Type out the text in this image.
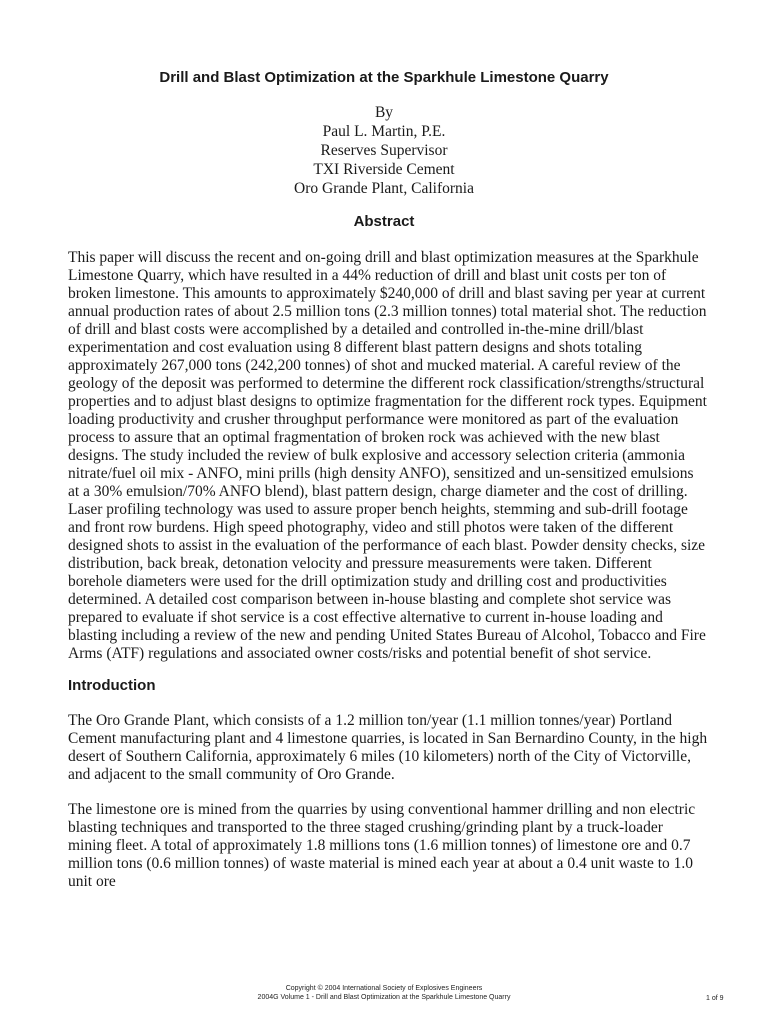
Drill and Blast Optimization at the Sparkhule Limestone Quarry
By
Paul L. Martin, P.E.
Reserves Supervisor
TXI Riverside Cement
Oro Grande Plant, California
Abstract

This paper will discuss the recent and on-going drill and blast optimization measures at the Sparkhule Limestone Quarry, which have resulted in a 44% reduction of drill and blast unit costs per ton of broken limestone. This amounts to approximately $240,000 of drill and blast saving per year at current annual production rates of about 2.5 million tons (2.3 million tonnes) total material shot. The reduction of drill and blast costs were accomplished by a detailed and controlled in-the-mine drill/blast experimentation and cost evaluation using 8 different blast pattern designs and shots totaling approximately 267,000 tons (242,200 tonnes) of shot and mucked material. A careful review of the geology of the deposit was performed to determine the different rock classification/strengths/structural properties and to adjust blast designs to optimize fragmentation for the different rock types. Equipment loading productivity and crusher throughput performance were monitored as part of the evaluation process to assure that an optimal fragmentation of broken rock was achieved with the new blast designs. The study included the review of bulk explosive and accessory selection criteria (ammonia nitrate/fuel oil mix - ANFO, mini prills (high density ANFO), sensitized and un-sensitized emulsions at a 30% emulsion/70% ANFO blend), blast pattern design, charge diameter and the cost of drilling. Laser profiling technology was used to assure proper bench heights, stemming and sub-drill footage and front row burdens. High speed photography, video and still photos were taken of the different designed shots to assist in the evaluation of the performance of each blast. Powder density checks, size distribution, back break, detonation velocity and pressure measurements were taken. Different borehole diameters were used for the drill optimization study and drilling cost and productivities determined. A detailed cost comparison between in-house blasting and complete shot service was prepared to evaluate if shot service is a cost effective alternative to current in-house loading and blasting including a review of the new and pending United States Bureau of Alcohol, Tobacco and Fire Arms (ATF) regulations and associated owner costs/risks and potential benefit of shot service.

Introduction

The Oro Grande Plant, which consists of a 1.2 million ton/year (1.1 million tonnes/year) Portland Cement manufacturing plant and 4 limestone quarries, is located in San Bernardino County, in the high desert of Southern California, approximately 6 miles (10 kilometers) north of the City of Victorville, and adjacent to the small community of Oro Grande.

The limestone ore is mined from the quarries by using conventional hammer drilling and non electric blasting techniques and transported to the three staged crushing/grinding plant by a truck-loader mining fleet. A total of approximately 1.8 millions tons (1.6 million tonnes) of limestone ore and 0.7 million tons (0.6 million tonnes) of waste material is mined each year at about a 0.4 unit waste to 1.0 unit ore

Copyright © 2004 International Society of Explosives Engineers
2004G Volume 1 - Drill and Blast Optimization at the Sparkhule Limestone Quarry	1 of 9
